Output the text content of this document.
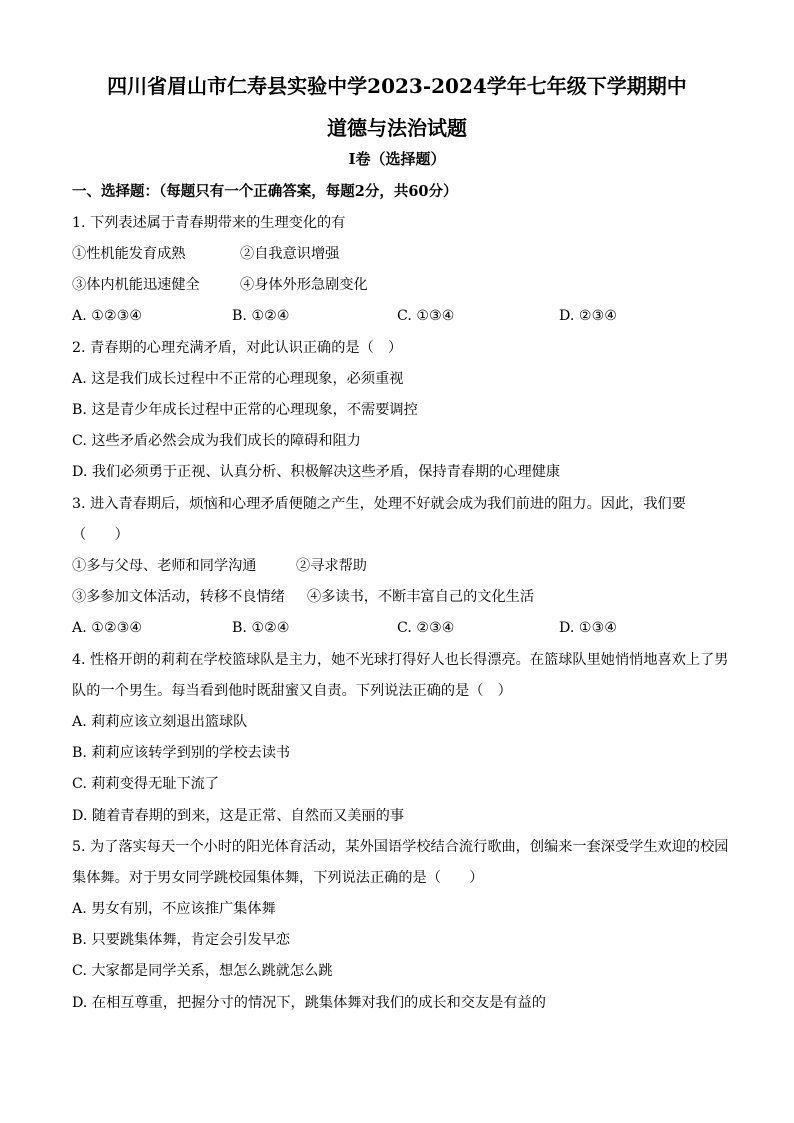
四川省眉山市仁寿县实验中学2023-2024学年七年级下学期期中
道德与法治试题
Ⅰ卷（选择题）
一、选择题：（每题只有一个正确答案，每题2分，共60分）
1. 下列表述属于青春期带来的生理变化的有
①性机能发育成熟	②自我意识增强
③体内机能迅速健全	④身体外形急剧变化
A. ①②③④	B. ①②④	C. ①③④	D. ②③④
2. 青春期的心理充满矛盾，对此认识正确的是（　）
A. 这是我们成长过程中不正常的心理现象，必须重视
B. 这是青少年成长过程中正常的心理现象，不需要调控
C. 这些矛盾必然会成为我们成长的障碍和阻力
D. 我们必须勇于正视、认真分析、积极解决这些矛盾，保持青春期的心理健康
3. 进入青春期后，烦恼和心理矛盾便随之产生，处理不好就会成为我们前进的阻力。因此，我们要
（　　）
①多与父母、老师和同学沟通	②寻求帮助
③多参加文体活动，转移不良情绪 ④多读书，不断丰富自己的文化生活
A. ①②③④	B. ①②④	C. ②③④	D. ①③④
4. 性格开朗的莉莉在学校篮球队是主力，她不光球打得好人也长得漂亮。在篮球队里她悄悄地喜欢上了男
队的一个男生。每当看到他时既甜蜜又自责。下列说法正确的是（　）
A. 莉莉应该立刻退出篮球队
B. 莉莉应该转学到别的学校去读书
C. 莉莉变得无耻下流了
D. 随着青春期的到来，这是正常、自然而又美丽的事
5. 为了落实每天一个小时的阳光体育活动，某外国语学校结合流行歌曲，创编来一套深受学生欢迎的校园
集体舞。对于男女同学跳校园集体舞，下列说法正确的是（　　）
A. 男女有别，不应该推广集体舞
B. 只要跳集体舞，肯定会引发早恋
C. 大家都是同学关系，想怎么跳就怎么跳
D. 在相互尊重，把握分寸的情况下，跳集体舞对我们的成长和交友是有益的
